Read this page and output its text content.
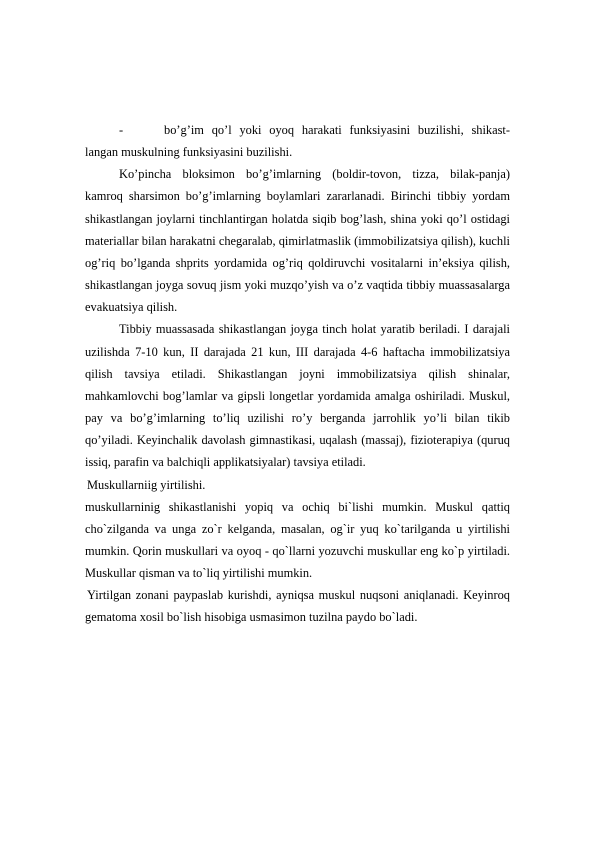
-	bo’g’im qo’l yoki oyoq harakati funksiyasini buzilishi, shikast-langan muskulning funksiyasini buzilishi.

Ko’pincha bloksimon bo’g’imlarning (boldir-tovon, tizza, bilak-panja) kamroq sharsimon bo’g’imlarning boylamlari zararlanadi. Birinchi tibbiy yordam shikastlangan joylarni tinchlantirgan holatda siqib bog’lash, shina yoki qo’l ostidagi materiallar bilan harakatni chegaralab, qimirlatmaslik (immobilizatsiya qilish), kuchli og’riq bo’lganda shprits yordamida og’riq qoldiruvchi vositalarni in’eksiya qilish, shikastlangan joyga sovuq jism yoki muzqo’yish va o’z vaqtida tibbiy muassasalarga evakuatsiya qilish.

Tibbiy muassasada shikastlangan joyga tinch holat yaratib beriladi. I darajali uzilishda 7-10 kun, II darajada 21 kun, III darajada 4-6 haftacha immobilizatsiya qilish tavsiya etiladi. Shikastlangan joyni immobilizatsiya qilish shinalar, mahkamlovchi bog’lamlar va gipsli longetlar yordamida amalga oshiriladi. Muskul, pay va bo’g’imlarning to’liq uzilishi ro’y berganda jarrohlik yo’li bilan tikib qo’yiladi. Keyinchalik davolash gimnastikasi, uqalash (massaj), fizioterapiya (quruq issiq, parafin va balchiqli applikatsiyalar) tavsiya etiladi.

Muskullarniig yirtilishi.

muskullarninig shikastlanishi yopiq va ochiq bi`lishi mumkin. Muskul qattiq cho`zilganda va unga zo`r kelganda, masalan, og`ir yuq ko`tarilganda u yirtilishi mumkin. Qorin muskullari va oyoq - qo`llarni yozuvchi muskullar eng ko`p yirtiladi. Muskullar qisman va to`liq yirtilishi mumkin.

Yirtilgan zonani paypaslab kurishdi, ayniqsa muskul nuqsoni aniqlanadi. Keyinroq gematoma xosil bo`lish hisobiga usmasimon tuzilna paydo bo`ladi.
